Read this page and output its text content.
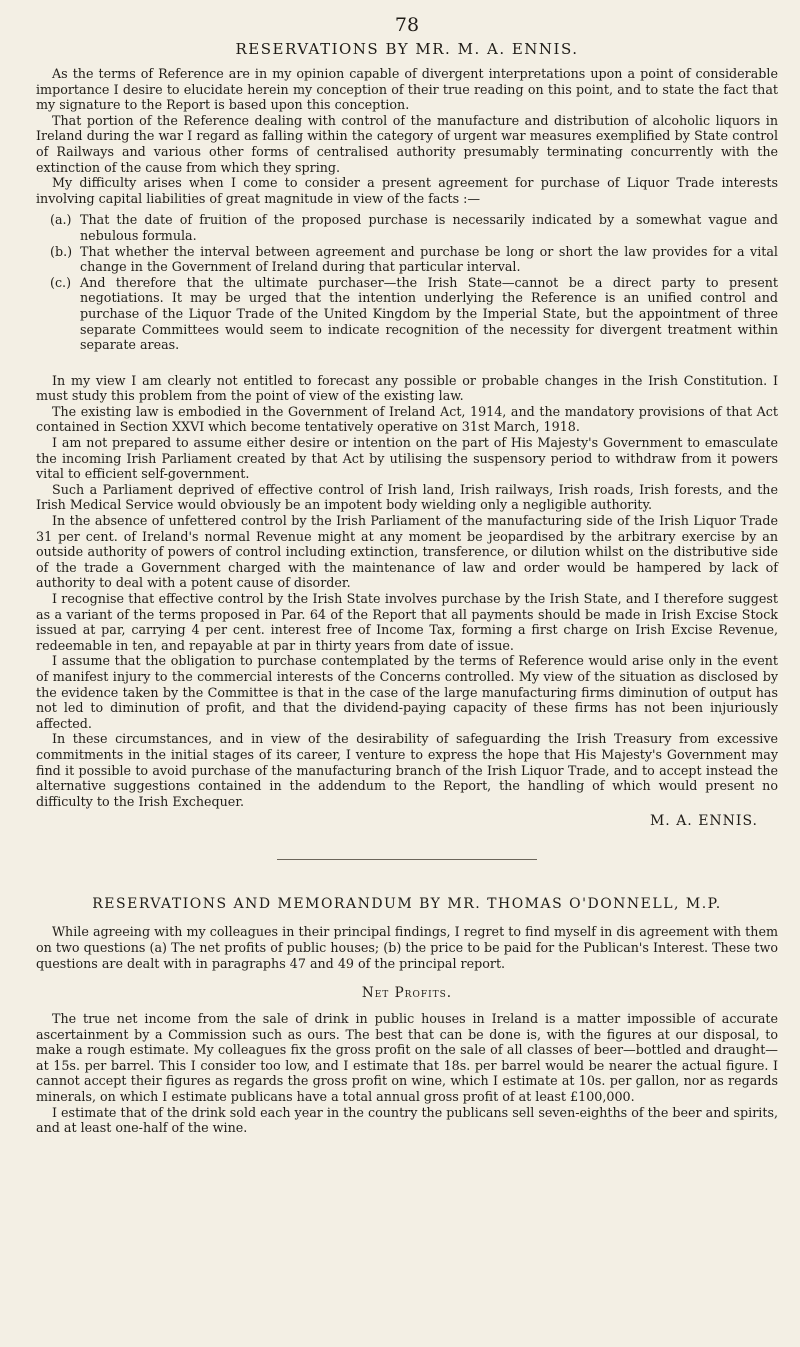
78
RESERVATIONS BY MR. M. A. ENNIS.

As the terms of Reference are in my opinion capable of divergent interpretations upon a point of considerable importance I desire to elucidate herein my conception of their true reading on this point, and to state the fact that my signature to the Report is based upon this conception.

That portion of the Reference dealing with control of the manufacture and distribution of alcoholic liquors in Ireland during the war I regard as falling within the category of urgent war measures exemplified by State control of Railways and various other forms of centralised authority presumably terminating concurrently with the extinction of the cause from which they spring.

My difficulty arises when I come to consider a present agreement for purchase of Liquor Trade interests involving capital liabilities of great magnitude in view of the facts :—

(a.) That the date of fruition of the proposed purchase is necessarily indicated by a somewhat vague and nebulous formula.
(b.) That whether the interval between agreement and purchase be long or short the law provides for a vital change in the Government of Ireland during that particular interval.
(c.) And therefore that the ultimate purchaser—the Irish State—cannot be a direct party to present negotiations. It may be urged that the intention underlying the Reference is an unified control and purchase of the Liquor Trade of the United Kingdom by the Imperial State, but the appointment of three separate Committees would seem to indicate recognition of the necessity for divergent treatment within separate areas.

In my view I am clearly not entitled to forecast any possible or probable changes in the Irish Constitution. I must study this problem from the point of view of the existing law.

The existing law is embodied in the Government of Ireland Act, 1914, and the mandatory provisions of that Act contained in Section XXVI which become tentatively operative on 31st March, 1918.

I am not prepared to assume either desire or intention on the part of His Majesty's Government to emasculate the incoming Irish Parliament created by that Act by utilising the suspensory period to withdraw from it powers vital to efficient self-government.

Such a Parliament deprived of effective control of Irish land, Irish railways, Irish roads, Irish forests, and the Irish Medical Service would obviously be an impotent body wielding only a negligible authority.

In the absence of unfettered control by the Irish Parliament of the manufacturing side of the Irish Liquor Trade 31 per cent. of Ireland's normal Revenue might at any moment be jeopardised by the arbitrary exercise by an outside authority of powers of control including extinction, transference, or dilution whilst on the distributive side of the trade a Government charged with the maintenance of law and order would be hampered by lack of authority to deal with a potent cause of disorder.

I recognise that effective control by the Irish State involves purchase by the Irish State, and I therefore suggest as a variant of the terms proposed in Par. 64 of the Report that all payments should be made in Irish Excise Stock issued at par, carrying 4 per cent. interest free of Income Tax, forming a first charge on Irish Excise Revenue, redeemable in ten, and repayable at par in thirty years from date of issue.

I assume that the obligation to purchase contemplated by the terms of Reference would arise only in the event of manifest injury to the commercial interests of the Concerns controlled. My view of the situation as disclosed by the evidence taken by the Committee is that in the case of the large manufacturing firms diminution of output has not led to diminution of profit, and that the dividend-paying capacity of these firms has not been injuriously affected.

In these circumstances, and in view of the desirability of safeguarding the Irish Treasury from excessive commitments in the initial stages of its career, I venture to express the hope that His Majesty's Government may find it possible to avoid purchase of the manufacturing branch of the Irish Liquor Trade, and to accept instead the alternative suggestions contained in the addendum to the Report, the handling of which would present no difficulty to the Irish Exchequer.

M. A. ENNIS.
RESERVATIONS AND MEMORANDUM BY MR. THOMAS O'DONNELL, M.P.

While agreeing with my colleagues in their principal findings, I regret to find myself in dis agreement with them on two questions (a) The net profits of public houses; (b) the price to be paid for the Publican's Interest. These two questions are dealt with in paragraphs 47 and 49 of the principal report.

Net Profits.

The true net income from the sale of drink in public houses in Ireland is a matter impossible of accurate ascertainment by a Commission such as ours. The best that can be done is, with the figures at our disposal, to make a rough estimate. My colleagues fix the gross profit on the sale of all classes of beer—bottled and draught—at 15s. per barrel. This I consider too low, and I estimate that 18s. per barrel would be nearer the actual figure. I cannot accept their figures as regards the gross profit on wine, which I estimate at 10s. per gallon, nor as regards minerals, on which I estimate publicans have a total annual gross profit of at least £100,000.

I estimate that of the drink sold each year in the country the publicans sell seven-eighths of the beer and spirits, and at least one-half of the wine.
